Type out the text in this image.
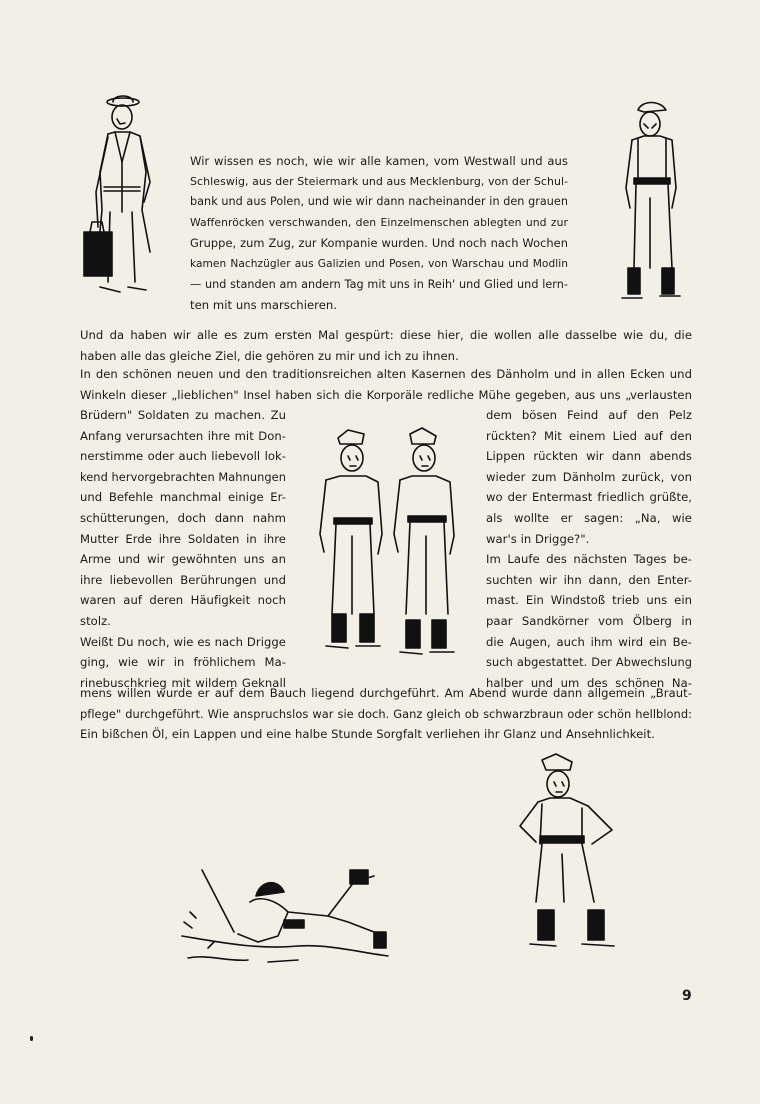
Wir wissen es noch, wie wir alle kamen, vom Westwall und aus
Schleswig, aus der Steiermark und aus Mecklenburg, von der Schul-
bank und aus Polen, und wie wir dann nacheinander in den grauen
Waffenröcken verschwanden, den Einzelmenschen ablegten und zur
Gruppe, zum Zug, zur Kompanie wurden. Und noch nach Wochen
kamen Nachzügler aus Galizien und Posen, von Warschau und Modlin
— und standen am andern Tag mit uns in Reih' und Glied und lern-
ten mit uns marschieren.
Und da haben wir alle es zum ersten Mal gespürt: diese hier, die wollen alle dasselbe wie du, die
haben alle das gleiche Ziel, die gehören zu mir und ich zu ihnen.
In den schönen neuen und den traditionsreichen alten Kasernen des Dänholm und in allen Ecken und
Winkeln dieser „lieblichen" Insel haben sich die Korporäle redliche Mühe gegeben, aus uns „verlausten
Brüdern" Soldaten zu machen. Zu
Anfang verursachten ihre mit Don-
nerstimme oder auch liebevoll lok-
kend hervorgebrachten Mahnungen
und Befehle manchmal einige Er-
schütterungen, doch dann nahm
Mutter Erde ihre Soldaten in ihre
Arme und wir gewöhnten uns an
ihre liebevollen Berührungen und
waren auf deren Häufigkeit noch
stolz.
Weißt Du noch, wie es nach Drigge
ging, wie wir in fröhlichem Ma-
rinebuschkrieg mit wildem Geknall
dem bösen Feind auf den Pelz
rückten? Mit einem Lied auf den
Lippen rückten wir dann abends
wieder zum Dänholm zurück, von
wo der Entermast friedlich grüßte,
als wollte er sagen: „Na, wie
war's in Drigge?".
Im Laufe des nächsten Tages be-
suchten wir ihn dann, den Enter-
mast. Ein Windstoß trieb uns ein
paar Sandkörner vom Ölberg in
die Augen, auch ihm wird ein Be-
such abgestattet. Der Abwechslung
halber und um des schönen Na-
mens willen wurde er auf dem Bauch liegend durchgeführt. Am Abend wurde dann allgemein „Braut-
pflege" durchgeführt. Wie anspruchslos war sie doch. Ganz gleich ob schwarzbraun oder schön hellblond:
Ein bißchen Öl, ein Lappen und eine halbe Stunde Sorgfalt verliehen ihr Glanz und Ansehnlichkeit.
9
